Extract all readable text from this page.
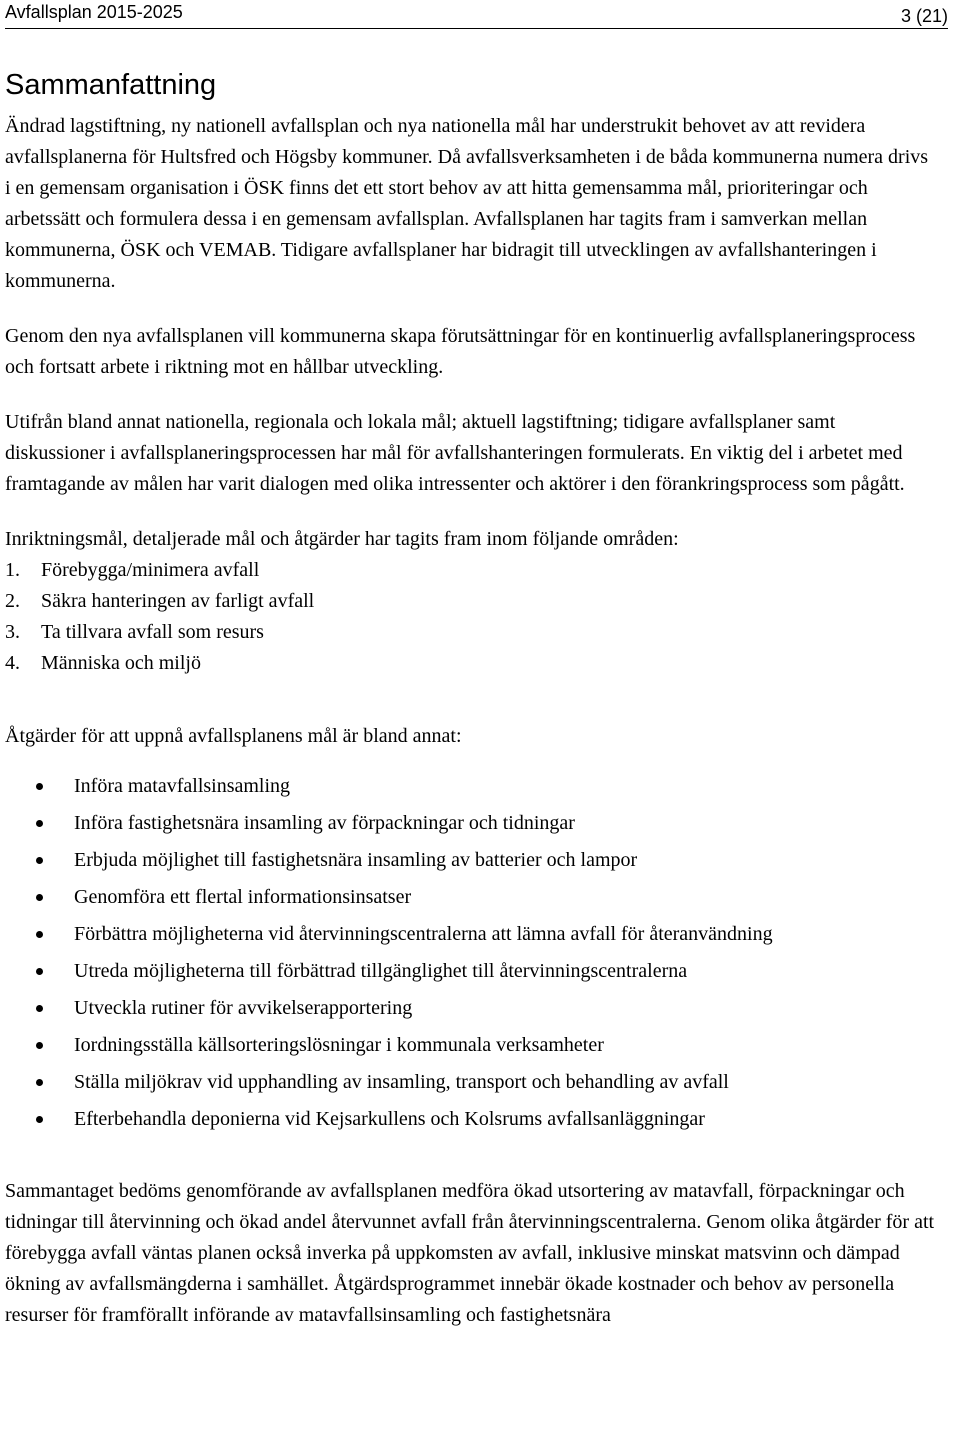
Avfallsplan 2015-2025	3 (21)
Sammanfattning

Ändrad lagstiftning, ny nationell avfallsplan och nya nationella mål har understrukit behovet av att revidera avfallsplanerna för Hultsfred och Högsby kommuner. Då avfallsverksamheten i de båda kommunerna numera drivs i en gemensam organisation i ÖSK finns det ett stort behov av att hitta gemensamma mål, prioriteringar och arbetssätt och formulera dessa i en gemensam avfallsplan. Avfallsplanen har tagits fram i samverkan mellan kommunerna, ÖSK och VEMAB. Tidigare avfallsplaner har bidragit till utvecklingen av avfallshanteringen i kommunerna.

Genom den nya avfallsplanen vill kommunerna skapa förutsättningar för en kontinuerlig avfallsplaneringsprocess och fortsatt arbete i riktning mot en hållbar utveckling.

Utifrån bland annat nationella, regionala och lokala mål; aktuell lagstiftning; tidigare avfallsplaner samt diskussioner i avfallsplaneringsprocessen har mål för avfallshanteringen formulerats. En viktig del i arbetet med framtagande av målen har varit dialogen med olika intressenter och aktörer i den förankringsprocess som pågått.

Inriktningsmål, detaljerade mål och åtgärder har tagits fram inom följande områden:

1.	Förebygga/minimera avfall
2.	Säkra hanteringen av farligt avfall
3.	Ta tillvara avfall som resurs
4.	Människa och miljö

Åtgärder för att uppnå avfallsplanens mål är bland annat:

Införa matavfallsinsamling
Införa fastighetsnära insamling av förpackningar och tidningar
Erbjuda möjlighet till fastighetsnära insamling av batterier och lampor
Genomföra ett flertal informationsinsatser
Förbättra möjligheterna vid återvinningscentralerna att lämna avfall för återanvändning
Utreda möjligheterna till förbättrad tillgänglighet till återvinningscentralerna
Utveckla rutiner för avvikelserapportering
Iordningsställa källsorteringslösningar i kommunala verksamheter
Ställa miljökrav vid upphandling av insamling, transport och behandling av avfall
Efterbehandla deponierna vid Kejsarkullens och Kolsrums avfallsanläggningar

Sammantaget bedöms genomförande av avfallsplanen medföra ökad utsortering av matavfall, förpackningar och tidningar till återvinning och ökad andel återvunnet avfall från återvinningscentralerna. Genom olika åtgärder för att förebygga avfall väntas planen också inverka på uppkomsten av avfall, inklusive minskat matsvinn och dämpad ökning av avfallsmängderna i samhället. Åtgärdsprogrammet innebär ökade kostnader och behov av personella resurser för framförallt införande av matavfallsinsamling och fastighetsnära
